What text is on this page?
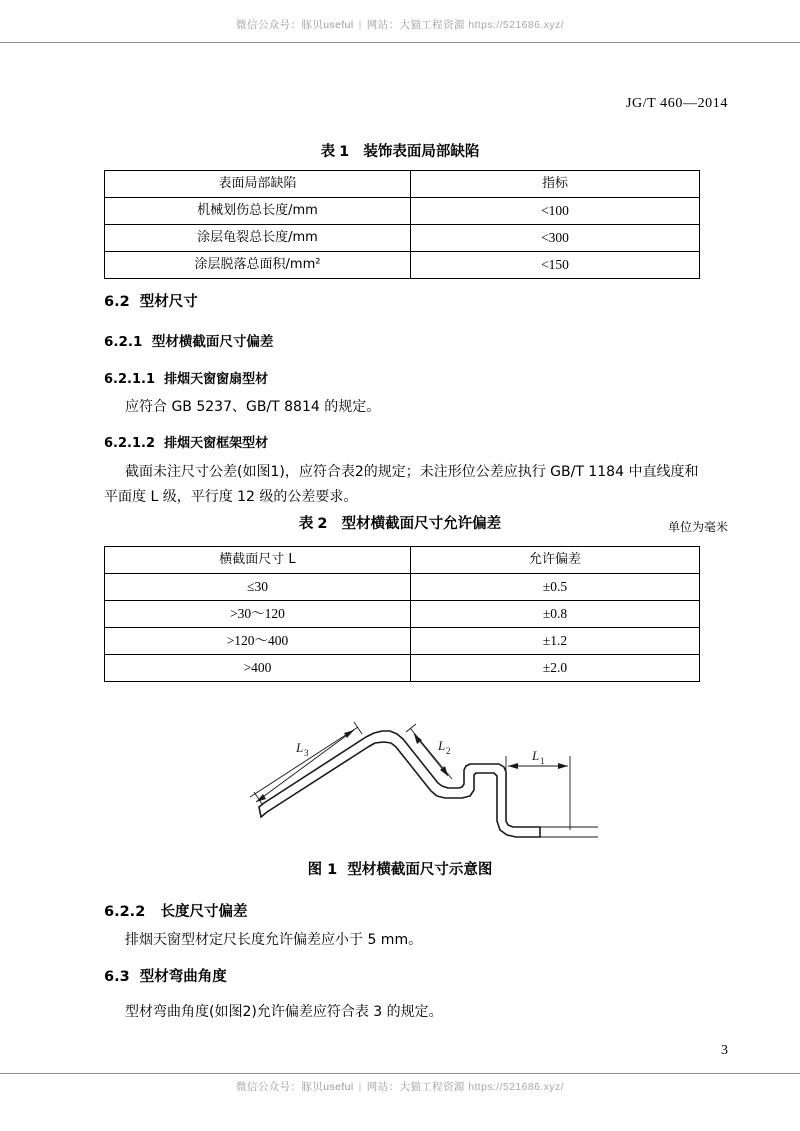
微信公众号：豚贝useful | 网站：大猫工程资源 https://521686.xyz/
JG/T 460—2014
表 1 装饰表面局部缺陷
表面局部缺陷	指标
机械划伤总长度/mm	<100
涂层龟裂总长度/mm	<300
涂层脱落总面积/mm²	<150
6.2 型材尺寸
6.2.1 型材横截面尺寸偏差
6.2.1.1 排烟天窗窗扇型材
应符合 GB 5237、GB/T 8814 的规定。
6.2.1.2 排烟天窗框架型材
截面未注尺寸公差(如图1)，应符合表2的规定；未注形位公差应执行 GB/T 1184 中直线度和平面度 L 级，平行度 12 级的公差要求。
表 2 型材横截面尺寸允许偏差	单位为毫米
横截面尺寸 L	允许偏差
≤30	±0.5
>30～120	±0.8
>120～400	±1.2
>400	±2.0
L 3	L 2	L 1
图 1 型材横截面尺寸示意图
6.2.2 长度尺寸偏差
排烟天窗型材定尺长度允许偏差应小于 5 mm。
6.3 型材弯曲角度
型材弯曲角度(如图2)允许偏差应符合表 3 的规定。
3
微信公众号：豚贝useful | 网站：大猫工程资源 https://521686.xyz/
